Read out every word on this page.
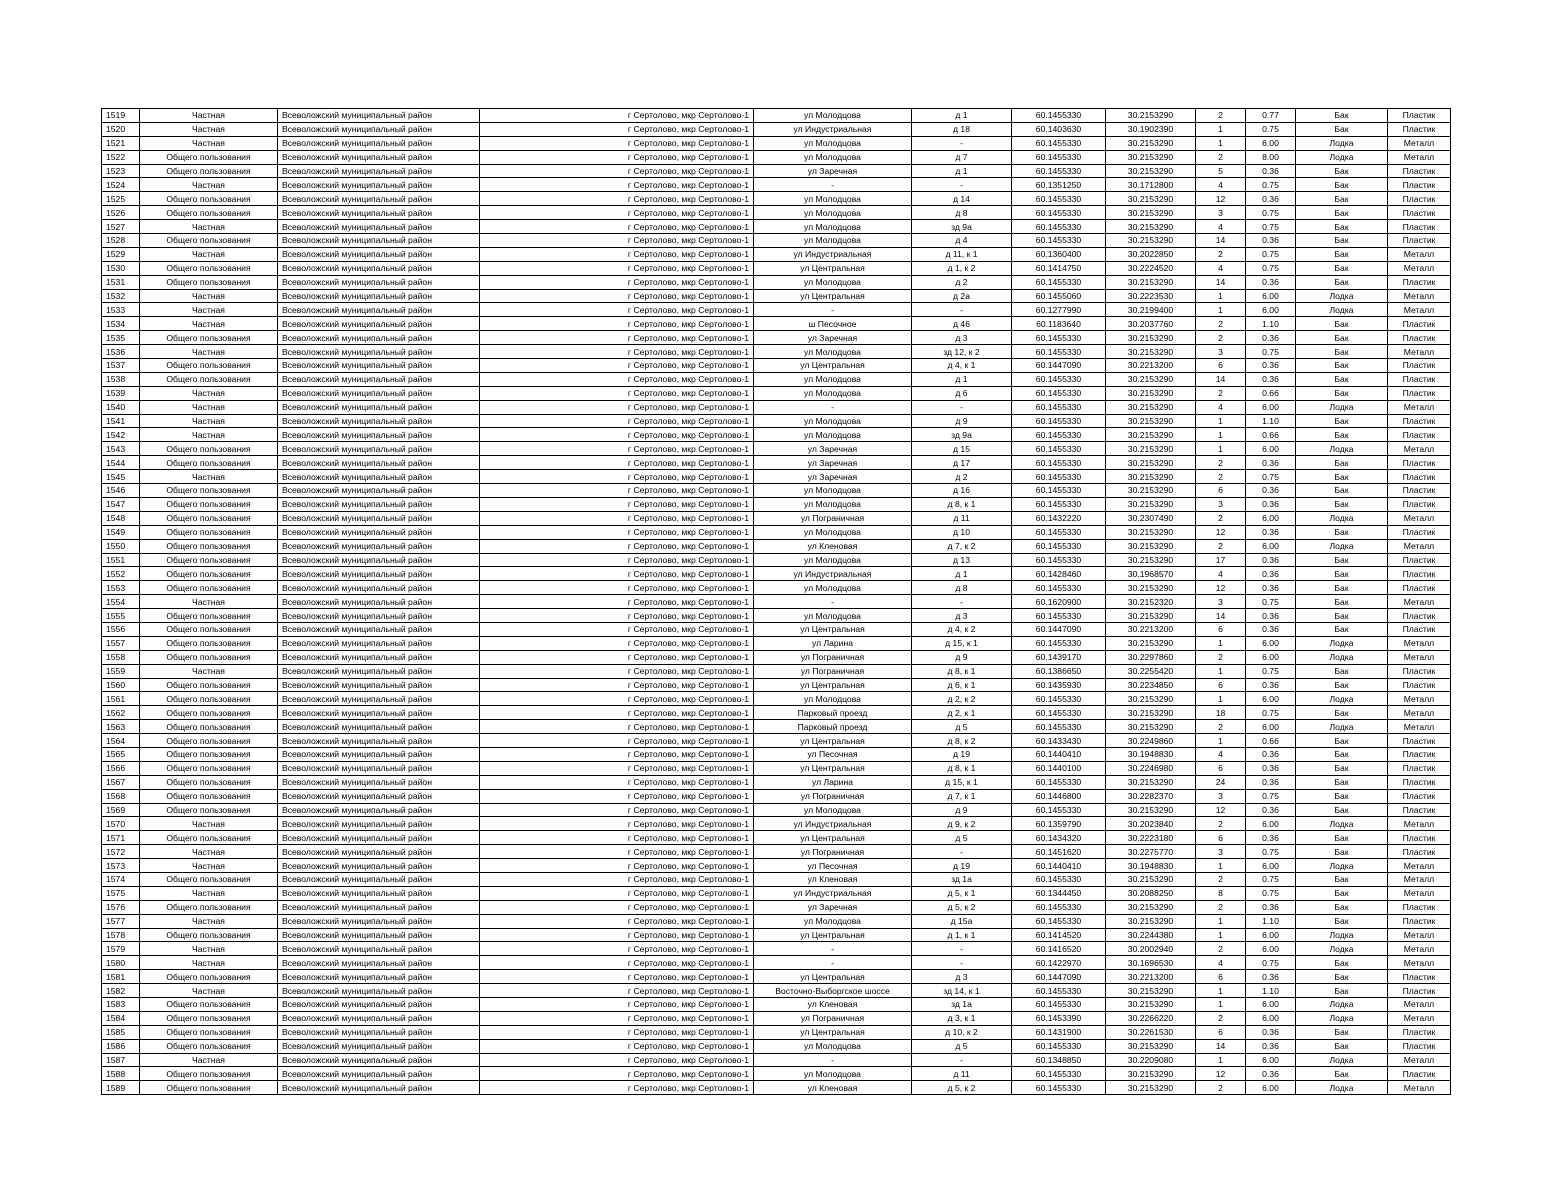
1519	Частная	Всеволожский муниципальный район	г Сертолово, мкр Сертолово-1	ул Молодцова	д 1	60.1455330	30.2153290	2	0.77	Бак	Пластик
1520	Частная	Всеволожский муниципальный район	г Сертолово, мкр Сертолово-1	ул Индустриальная	д 18	60.1403630	30.1902390	1	0.75	Бак	Пластик
1521	Частная	Всеволожский муниципальный район	г Сертолово, мкр Сертолово-1	ул Молодцова	-	60.1455330	30.2153290	1	6.00	Лодка	Металл
1522	Общего пользования	Всеволожский муниципальный район	г Сертолово, мкр Сертолово-1	ул Молодцова	д 7	60.1455330	30.2153290	2	8.00	Лодка	Металл
1523	Общего пользования	Всеволожский муниципальный район	г Сертолово, мкр Сертолово-1	ул Заречная	д 1	60.1455330	30.2153290	5	0.36	Бак	Пластик
1524	Частная	Всеволожский муниципальный район	г Сертолово, мкр Сертолово-1	-	-	60.1351250	30.1712800	4	0.75	Бак	Пластик
1525	Общего пользования	Всеволожский муниципальный район	г Сертолово, мкр Сертолово-1	ул Молодцова	д 14	60.1455330	30.2153290	12	0.36	Бак	Пластик
1526	Общего пользования	Всеволожский муниципальный район	г Сертолово, мкр Сертолово-1	ул Молодцова	д 8	60.1455330	30.2153290	3	0.75	Бак	Пластик
1527	Частная	Всеволожский муниципальный район	г Сертолово, мкр Сертолово-1	ул Молодцова	зд 9а	60.1455330	30.2153290	4	0.75	Бак	Пластик
1528	Общего пользования	Всеволожский муниципальный район	г Сертолово, мкр Сертолово-1	ул Молодцова	д 4	60.1455330	30.2153290	14	0.36	Бак	Пластик
1529	Частная	Всеволожский муниципальный район	г Сертолово, мкр Сертолово-1	ул Индустриальная	д 11, к 1	60.1360400	30.2022850	2	0.75	Бак	Металл
1530	Общего пользования	Всеволожский муниципальный район	г Сертолово, мкр Сертолово-1	ул Центральная	д 1, к 2	60.1414750	30.2224520	4	0.75	Бак	Металл
1531	Общего пользования	Всеволожский муниципальный район	г Сертолово, мкр Сертолово-1	ул Молодцова	д 2	60.1455330	30.2153290	14	0.36	Бак	Пластик
1532	Частная	Всеволожский муниципальный район	г Сертолово, мкр Сертолово-1	ул Центральная	д 2а	60.1455060	30.2223530	1	6.00	Лодка	Металл
1533	Частная	Всеволожский муниципальный район	г Сертолово, мкр Сертолово-1	-	-	60.1277990	30.2199400	1	6.00	Лодка	Металл
1534	Частная	Всеволожский муниципальный район	г Сертолово, мкр Сертолово-1	ш Песочное	д 46	60.1183640	30.2037760	2	1.10	Бак	Пластик
1535	Общего пользования	Всеволожский муниципальный район	г Сертолово, мкр Сертолово-1	ул Заречная	д 3	60.1455330	30.2153290	2	0.36	Бак	Пластик
1536	Частная	Всеволожский муниципальный район	г Сертолово, мкр Сертолово-1	ул Молодцова	зд 12, к 2	60.1455330	30.2153290	3	0.75	Бак	Металл
1537	Общего пользования	Всеволожский муниципальный район	г Сертолово, мкр Сертолово-1	ул Центральная	д 4, к 1	60.1447090	30.2213200	6	0.36	Бак	Пластик
1538	Общего пользования	Всеволожский муниципальный район	г Сертолово, мкр Сертолово-1	ул Молодцова	д 1	60.1455330	30.2153290	14	0.36	Бак	Пластик
1539	Частная	Всеволожский муниципальный район	г Сертолово, мкр Сертолово-1	ул Молодцова	д 6	60.1455330	30.2153290	2	0.66	Бак	Пластик
1540	Частная	Всеволожский муниципальный район	г Сертолово, мкр Сертолово-1	-	-	60.1455330	30.2153290	4	6.00	Лодка	Металл
1541	Частная	Всеволожский муниципальный район	г Сертолово, мкр Сертолово-1	ул Молодцова	д 9	60.1455330	30.2153290	1	1.10	Бак	Пластик
1542	Частная	Всеволожский муниципальный район	г Сертолово, мкр Сертолово-1	ул Молодцова	зд 9а	60.1455330	30.2153290	1	0.66	Бак	Пластик
1543	Общего пользования	Всеволожский муниципальный район	г Сертолово, мкр Сертолово-1	ул Заречная	д 15	60.1455330	30.2153290	1	6.00	Лодка	Металл
1544	Общего пользования	Всеволожский муниципальный район	г Сертолово, мкр Сертолово-1	ул Заречная	д 17	60.1455330	30.2153290	2	0.36	Бак	Пластик
1545	Частная	Всеволожский муниципальный район	г Сертолово, мкр Сертолово-1	ул Заречная	д 2	60.1455330	30.2153290	2	0.75	Бак	Пластик
1546	Общего пользования	Всеволожский муниципальный район	г Сертолово, мкр Сертолово-1	ул Молодцова	д 16	60.1455330	30.2153290	6	0.36	Бак	Пластик
1547	Общего пользования	Всеволожский муниципальный район	г Сертолово, мкр Сертолово-1	ул Молодцова	д 8, к 1	60.1455330	30.2153290	3	0.36	Бак	Пластик
1548	Общего пользования	Всеволожский муниципальный район	г Сертолово, мкр Сертолово-1	ул Пограничная	д 11	60.1432220	30.2307490	2	6.00	Лодка	Металл
1549	Общего пользования	Всеволожский муниципальный район	г Сертолово, мкр Сертолово-1	ул Молодцова	д 10	60.1455330	30.2153290	12	0.36	Бак	Пластик
1550	Общего пользования	Всеволожский муниципальный район	г Сертолово, мкр Сертолово-1	ул Кленовая	д 7, к 2	60.1455330	30.2153290	2	6.00	Лодка	Металл
1551	Общего пользования	Всеволожский муниципальный район	г Сертолово, мкр Сертолово-1	ул Молодцова	д 13	60.1455330	30.2153290	17	0.36	Бак	Пластик
1552	Общего пользования	Всеволожский муниципальный район	г Сертолово, мкр Сертолово-1	ул Индустриальная	д 1	60.1428460	30.1968570	4	0.36	Бак	Пластик
1553	Общего пользования	Всеволожский муниципальный район	г Сертолово, мкр Сертолово-1	ул Молодцова	д 8	60.1455330	30.2153290	12	0.36	Бак	Пластик
1554	Частная	Всеволожский муниципальный район	г Сертолово, мкр Сертолово-1	-	-	60.1620900	30.2152320	3	0.75	Бак	Металл
1555	Общего пользования	Всеволожский муниципальный район	г Сертолово, мкр Сертолово-1	ул Молодцова	д 3	60.1455330	30.2153290	14	0.36	Бак	Пластик
1556	Общего пользования	Всеволожский муниципальный район	г Сертолово, мкр Сертолово-1	ул Центральная	д 4, к 2	60.1447090	30.2213200	6	0.36	Бак	Пластик
1557	Общего пользования	Всеволожский муниципальный район	г Сертолово, мкр Сертолово-1	ул Ларина	д 15, к 1	60.1455330	30.2153290	1	6.00	Лодка	Металл
1558	Общего пользования	Всеволожский муниципальный район	г Сертолово, мкр Сертолово-1	ул Пограничная	д 9	60.1439170	30.2297860	2	6.00	Лодка	Металл
1559	Частная	Всеволожский муниципальный район	г Сертолово, мкр Сертолово-1	ул Пограничная	д 8, к 1	60.1386650	30.2255420	1	0.75	Бак	Пластик
1560	Общего пользования	Всеволожский муниципальный район	г Сертолово, мкр Сертолово-1	ул Центральная	д 6, к 1	60.1435930	30.2234850	6	0.36	Бак	Пластик
1561	Общего пользования	Всеволожский муниципальный район	г Сертолово, мкр Сертолово-1	ул Молодцова	д 2, к 2	60.1455330	30.2153290	1	6.00	Лодка	Металл
1562	Общего пользования	Всеволожский муниципальный район	г Сертолово, мкр Сертолово-1	Парковый проезд	д 2, к 1	60.1455330	30.2153290	18	0.75	Бак	Металл
1563	Общего пользования	Всеволожский муниципальный район	г Сертолово, мкр Сертолово-1	Парковый проезд	д 5	60.1455330	30.2153290	2	6.00	Лодка	Металл
1564	Общего пользования	Всеволожский муниципальный район	г Сертолово, мкр Сертолово-1	ул Центральная	д 8, к 2	60.1433430	30.2249860	1	0.66	Бак	Пластик
1565	Общего пользования	Всеволожский муниципальный район	г Сертолово, мкр Сертолово-1	ул Песочная	д 19	60.1440410	30.1948830	4	0.36	Бак	Пластик
1566	Общего пользования	Всеволожский муниципальный район	г Сертолово, мкр Сертолово-1	ул Центральная	д 8, к 1	60.1440100	30.2246980	6	0.36	Бак	Пластик
1567	Общего пользования	Всеволожский муниципальный район	г Сертолово, мкр Сертолово-1	ул Ларина	д 15, к 1	60.1455330	30.2153290	24	0.36	Бак	Пластик
1568	Общего пользования	Всеволожский муниципальный район	г Сертолово, мкр Сертолово-1	ул Пограничная	д 7, к 1	60.1446800	30.2282370	3	0.75	Бак	Пластик
1569	Общего пользования	Всеволожский муниципальный район	г Сертолово, мкр Сертолово-1	ул Молодцова	д 9	60.1455330	30.2153290	12	0.36	Бак	Пластик
1570	Частная	Всеволожский муниципальный район	г Сертолово, мкр Сертолово-1	ул Индустриальная	д 9, к 2	60.1359790	30.2023840	2	6.00	Лодка	Металл
1571	Общего пользования	Всеволожский муниципальный район	г Сертолово, мкр Сертолово-1	ул Центральная	д 5	60.1434320	30.2223180	6	0.36	Бак	Пластик
1572	Частная	Всеволожский муниципальный район	г Сертолово, мкр Сертолово-1	ул Пограничная	-	60.1451620	30.2275770	3	0.75	Бак	Пластик
1573	Частная	Всеволожский муниципальный район	г Сертолово, мкр Сертолово-1	ул Песочная	д 19	60.1440410	30.1948830	1	6.00	Лодка	Металл
1574	Общего пользования	Всеволожский муниципальный район	г Сертолово, мкр Сертолово-1	ул Кленовая	зд 1а	60.1455330	30.2153290	2	0.75	Бак	Металл
1575	Частная	Всеволожский муниципальный район	г Сертолово, мкр Сертолово-1	ул Индустриальная	д 5, к 1	60.1344450	30.2088250	8	0.75	Бак	Металл
1576	Общего пользования	Всеволожский муниципальный район	г Сертолово, мкр Сертолово-1	ул Заречная	д 5, к 2	60.1455330	30.2153290	2	0.36	Бак	Пластик
1577	Частная	Всеволожский муниципальный район	г Сертолово, мкр Сертолово-1	ул Молодцова	д 15а	60.1455330	30.2153290	1	1.10	Бак	Пластик
1578	Общего пользования	Всеволожский муниципальный район	г Сертолово, мкр Сертолово-1	ул Центральная	д 1, к 1	60.1414520	30.2244380	1	6.00	Лодка	Металл
1579	Частная	Всеволожский муниципальный район	г Сертолово, мкр Сертолово-1	-	-	60.1416520	30.2002940	2	6.00	Лодка	Металл
1580	Частная	Всеволожский муниципальный район	г Сертолово, мкр Сертолово-1	-	-	60.1422970	30.1696530	4	0.75	Бак	Металл
1581	Общего пользования	Всеволожский муниципальный район	г Сертолово, мкр Сертолово-1	ул Центральная	д 3	60.1447090	30.2213200	6	0.36	Бак	Пластик
1582	Частная	Всеволожский муниципальный район	г Сертолово, мкр Сертолово-1	Восточно-Выборгское шоссе	зд 14, к 1	60.1455330	30.2153290	1	1.10	Бак	Пластик
1583	Общего пользования	Всеволожский муниципальный район	г Сертолово, мкр Сертолово-1	ул Кленовая	зд 1а	60.1455330	30.2153290	1	6.00	Лодка	Металл
1584	Общего пользования	Всеволожский муниципальный район	г Сертолово, мкр Сертолово-1	ул Пограничная	д 3, к 1	60.1453390	30.2266220	2	6.00	Лодка	Металл
1585	Общего пользования	Всеволожский муниципальный район	г Сертолово, мкр Сертолово-1	ул Центральная	д 10, к 2	60.1431900	30.2261530	6	0.36	Бак	Пластик
1586	Общего пользования	Всеволожский муниципальный район	г Сертолово, мкр Сертолово-1	ул Молодцова	д 5	60.1455330	30.2153290	14	0.36	Бак	Пластик
1587	Частная	Всеволожский муниципальный район	г Сертолово, мкр Сертолово-1	-	-	60.1348850	30.2209080	1	6.00	Лодка	Металл
1588	Общего пользования	Всеволожский муниципальный район	г Сертолово, мкр Сертолово-1	ул Молодцова	д 11	60.1455330	30.2153290	12	0.36	Бак	Пластик
1589	Общего пользования	Всеволожский муниципальный район	г Сертолово, мкр Сертолово-1	ул Кленовая	д 5, к 2	60.1455330	30.2153290	2	6.00	Лодка	Металл
